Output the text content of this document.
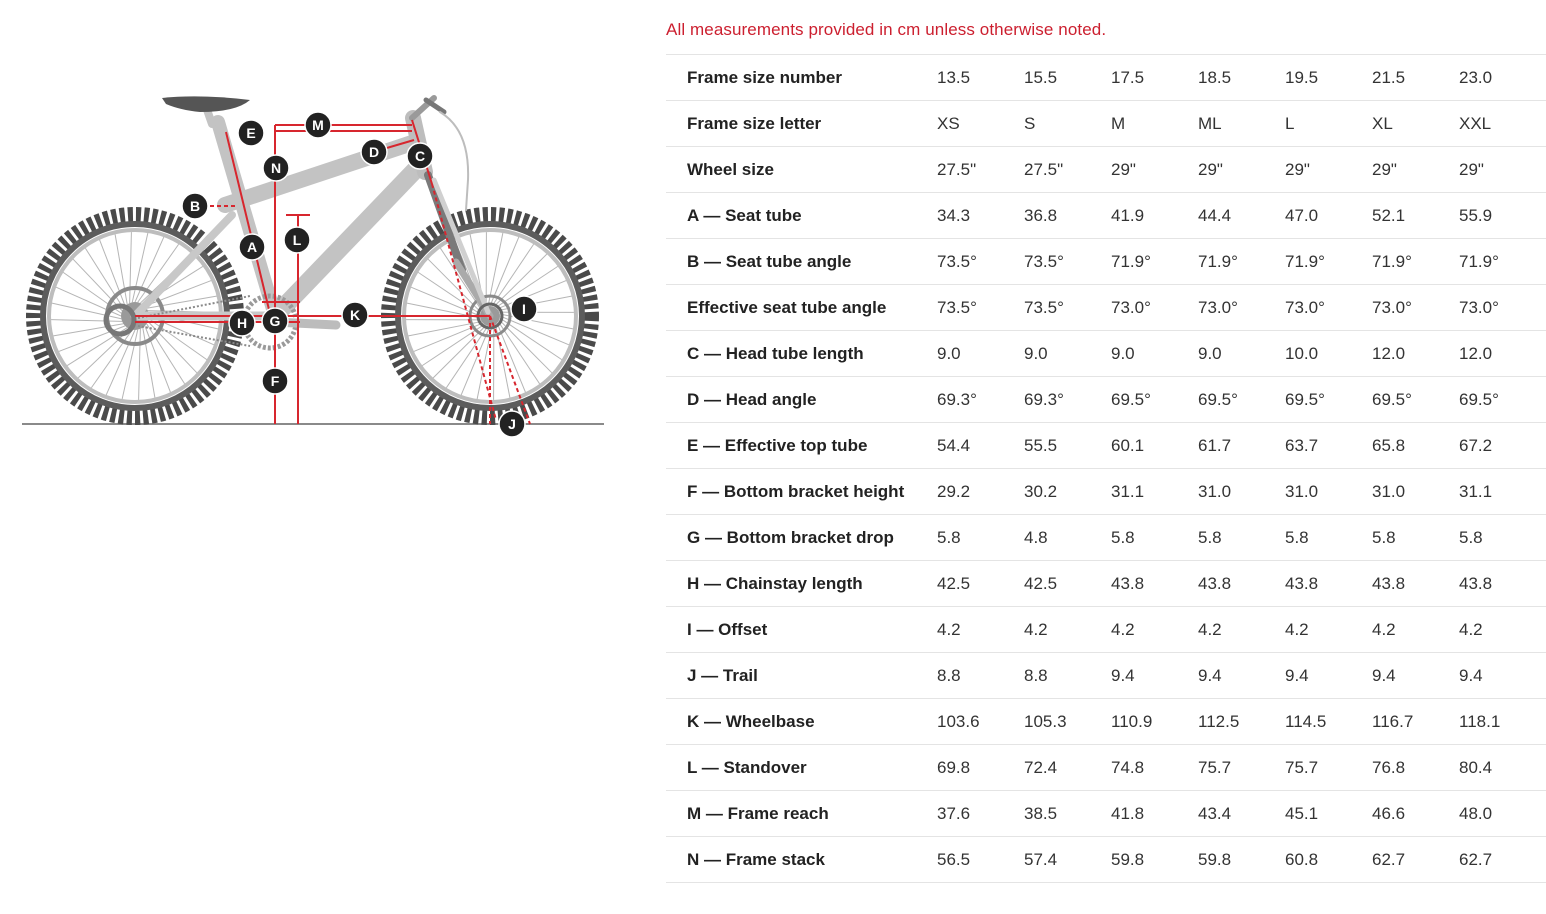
A
B
C
D
E
F
G
H
I
J
K
L
M
N
All measurements provided in cm unless otherwise noted.
Frame size number	13.5	15.5	17.5	18.5	19.5	21.5	23.0
Frame size letter	XS	S	M	ML	L	XL	XXL
Wheel size	27.5"	27.5"	29"	29"	29"	29"	29"
A — Seat tube	34.3	36.8	41.9	44.4	47.0	52.1	55.9
B — Seat tube angle	73.5°	73.5°	71.9°	71.9°	71.9°	71.9°	71.9°
Effective seat tube angle	73.5°	73.5°	73.0°	73.0°	73.0°	73.0°	73.0°
C — Head tube length	9.0	9.0	9.0	9.0	10.0	12.0	12.0
D — Head angle	69.3°	69.3°	69.5°	69.5°	69.5°	69.5°	69.5°
E — Effective top tube	54.4	55.5	60.1	61.7	63.7	65.8	67.2
F — Bottom bracket height	29.2	30.2	31.1	31.0	31.0	31.0	31.1
G — Bottom bracket drop	5.8	4.8	5.8	5.8	5.8	5.8	5.8
H — Chainstay length	42.5	42.5	43.8	43.8	43.8	43.8	43.8
I — Offset	4.2	4.2	4.2	4.2	4.2	4.2	4.2
J — Trail	8.8	8.8	9.4	9.4	9.4	9.4	9.4
K — Wheelbase	103.6	105.3	110.9	112.5	114.5	116.7	118.1
L — Standover	69.8	72.4	74.8	75.7	75.7	76.8	80.4
M — Frame reach	37.6	38.5	41.8	43.4	45.1	46.6	48.0
N — Frame stack	56.5	57.4	59.8	59.8	60.8	62.7	62.7
